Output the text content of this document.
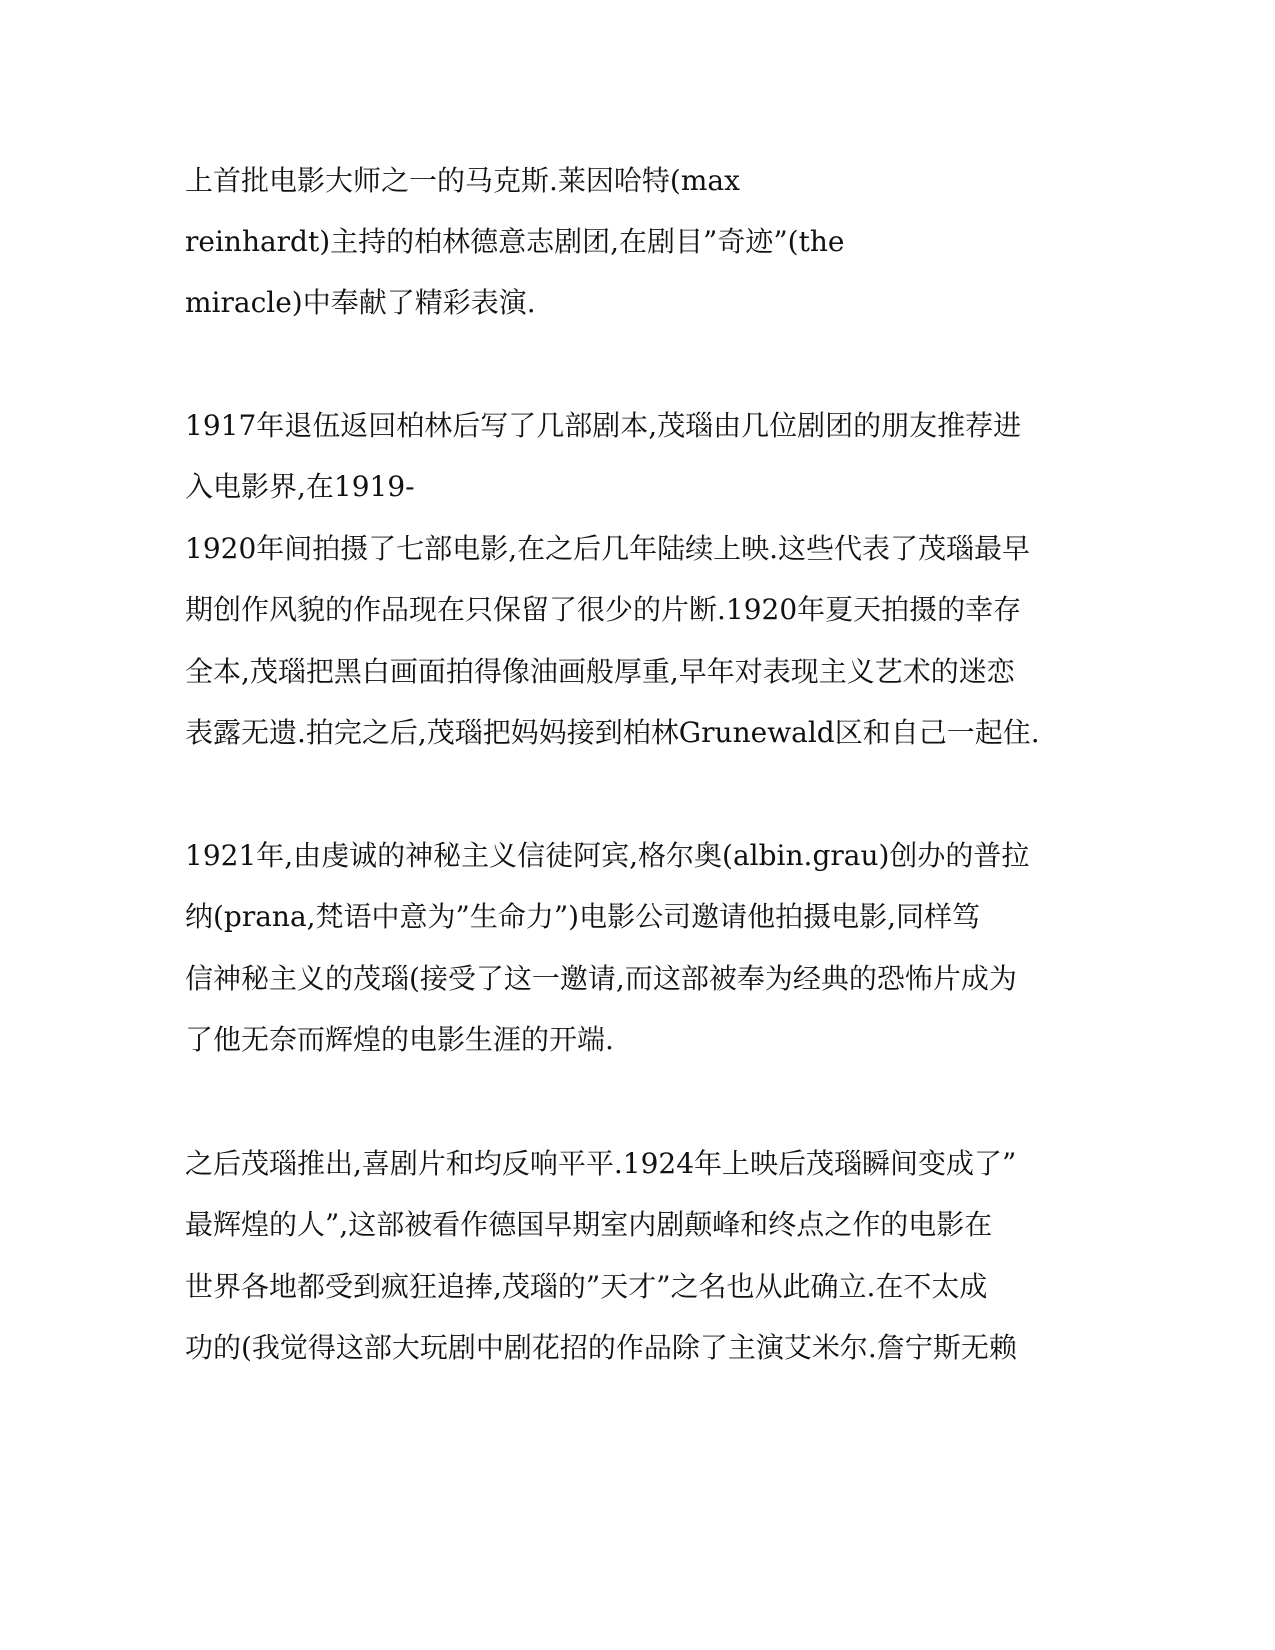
上首批电影大师之一的马克斯.莱因哈特(max
reinhardt)主持的柏林德意志剧团,在剧目”奇迹”(the
miracle)中奉献了精彩表演.
1917年退伍返回柏林后写了几部剧本,茂瑙由几位剧团的朋友推荐进
入电影界,在1919-
1920年间拍摄了七部电影,在之后几年陆续上映.这些代表了茂瑙最早
期创作风貌的作品现在只保留了很少的片断.1920年夏天拍摄的幸存
全本,茂瑙把黑白画面拍得像油画般厚重,早年对表现主义艺术的迷恋
表露无遗.拍完之后,茂瑙把妈妈接到柏林Grunewald区和自己一起住.
1921年,由虔诚的神秘主义信徒阿宾,格尔奥(albin.grau)创办的普拉
纳(prana,梵语中意为”生命力”)电影公司邀请他拍摄电影,同样笃
信神秘主义的茂瑙(接受了这一邀请,而这部被奉为经典的恐怖片成为
了他无奈而辉煌的电影生涯的开端.
之后茂瑙推出,喜剧片和均反响平平.1924年上映后茂瑙瞬间变成了”
最辉煌的人”,这部被看作德国早期室内剧颠峰和终点之作的电影在
世界各地都受到疯狂追捧,茂瑙的”天才”之名也从此确立.在不太成
功的(我觉得这部大玩剧中剧花招的作品除了主演艾米尔.詹宁斯无赖
